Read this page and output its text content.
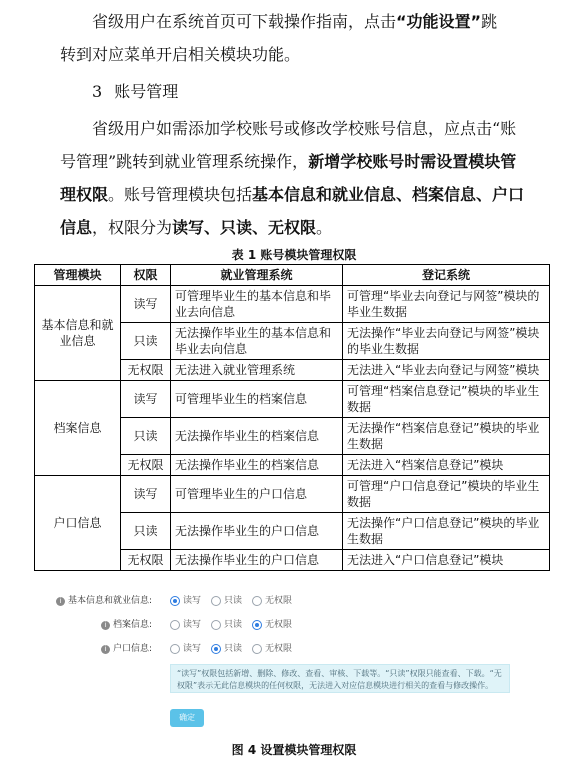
省级用户在系统首页可下载操作指南，点击“功能设置”跳
转到对应菜单开启相关模块功能。

3 账号管理

省级用户如需添加学校账号或修改学校账号信息，应点击“账号管理”跳转到就业管理系统操作，新增学校账号时需设置模块管理权限。账号管理模块包括基本信息和就业信息、档案信息、户口信息，权限分为读写、只读、无权限。

表 1 账号模块管理权限
管理模块	权限	就业管理系统	登记系统
基本信息和就业信息	读写	可管理毕业生的基本信息和毕业去向信息	可管理“毕业去向登记与网签”模块的毕业生数据
	只读	无法操作毕业生的基本信息和毕业去向信息	无法操作“毕业去向登记与网签”模块的毕业生数据
	无权限	无法进入就业管理系统	无法进入“毕业去向登记与网签”模块
档案信息	读写	可管理毕业生的档案信息	可管理“档案信息登记”模块的毕业生数据
	只读	无法操作毕业生的档案信息	无法操作“档案信息登记”模块的毕业生数据
	无权限	无法操作毕业生的档案信息	无法进入“档案信息登记”模块
户口信息	读写	可管理毕业生的户口信息	可管理“户口信息登记”模块的毕业生数据
	只读	无法操作毕业生的户口信息	无法操作“户口信息登记”模块的毕业生数据
	无权限	无法操作毕业生的户口信息	无法进入“户口信息登记”模块
i 基本信息和就业信息:	读写	只读	无权限
i 档案信息:	读写	只读	无权限
i 户口信息:	读写	只读	无权限
“读写”权限包括新增、删除、修改、查看、审核、下载等。“只读”权限只能查看、下载。“无权限”表示无此信息模块的任何权限，无法进入对应信息模块进行相关的查看与修改操作。
确定
图 4 设置模块管理权限
